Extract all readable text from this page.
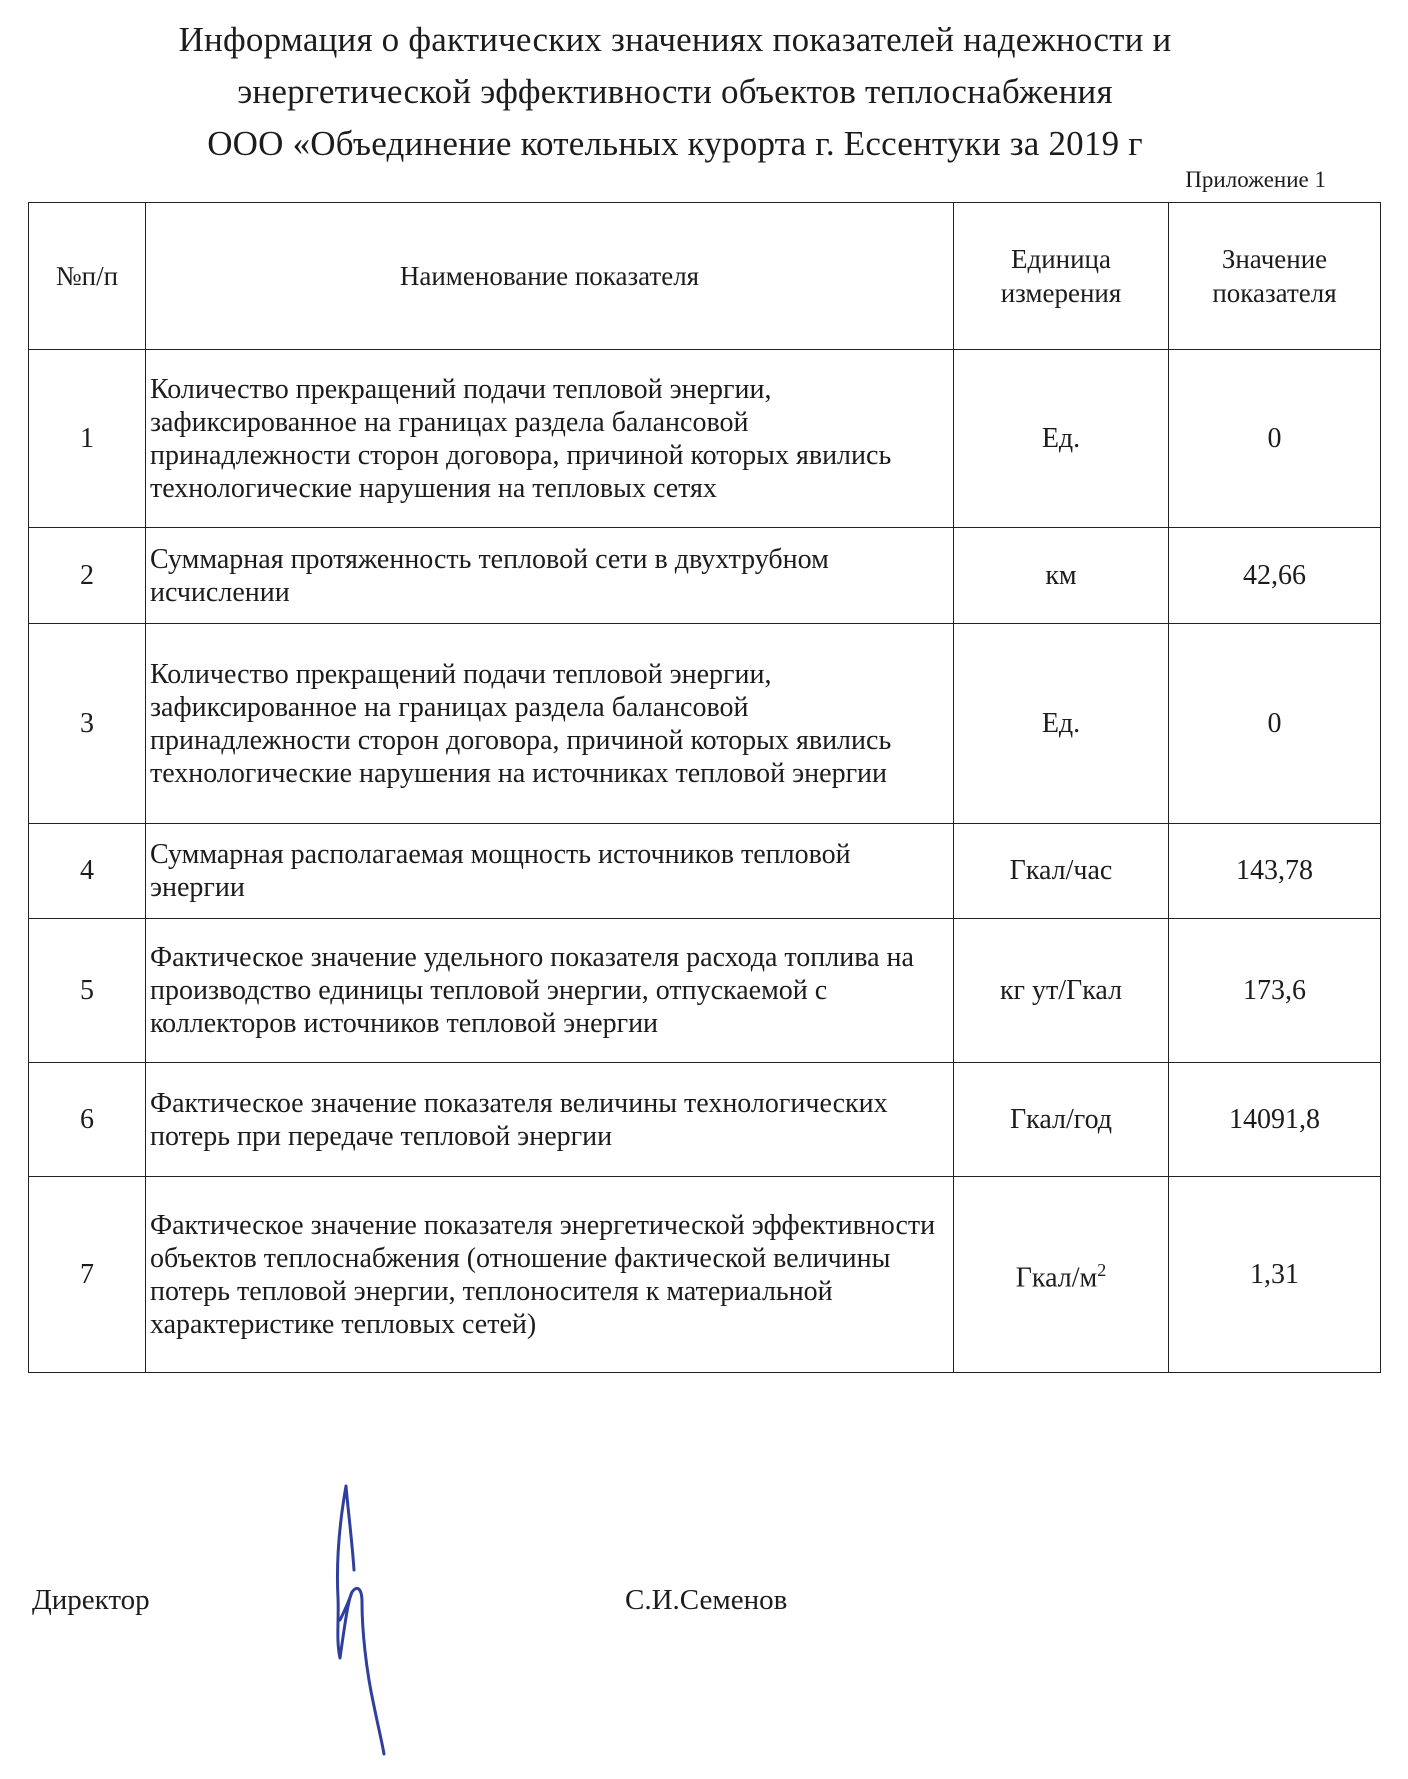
Информация о фактических значениях показателей надежности и
энергетической эффективности объектов теплоснабжения
ООО «Объединение котельных курорта г. Ессентуки за 2019 г
Приложение 1
№п/п	Наименование показателя	Единица измерения	Значение показателя
1	Количество прекращений подачи тепловой энергии, зафиксированное на границах раздела балансовой принадлежности сторон договора, причиной которых явились технологические нарушения на тепловых сетях	Ед.	0
2	Суммарная протяженность тепловой сети в двухтрубном исчислении	км	42,66
3	Количество прекращений подачи тепловой энергии, зафиксированное на границах раздела балансовой принадлежности сторон договора, причиной которых явились технологические нарушения на источниках тепловой энергии	Ед.	0
4	Суммарная располагаемая мощность источников тепловой энергии	Гкал/час	143,78
5	Фактическое значение удельного показателя расхода топлива на производство единицы тепловой энергии, отпускаемой с коллекторов источников тепловой энергии	кг ут/Гкал	173,6
6	Фактическое значение показателя величины технологических потерь при передаче тепловой энергии	Гкал/год	14091,8
7	Фактическое значение показателя энергетической эффективности объектов теплоснабжения (отношение фактической величины потерь тепловой энергии, теплоносителя к материальной характеристике тепловых сетей)	Гкал/$м^2$	1,31
Директор	С.И.Семенов
